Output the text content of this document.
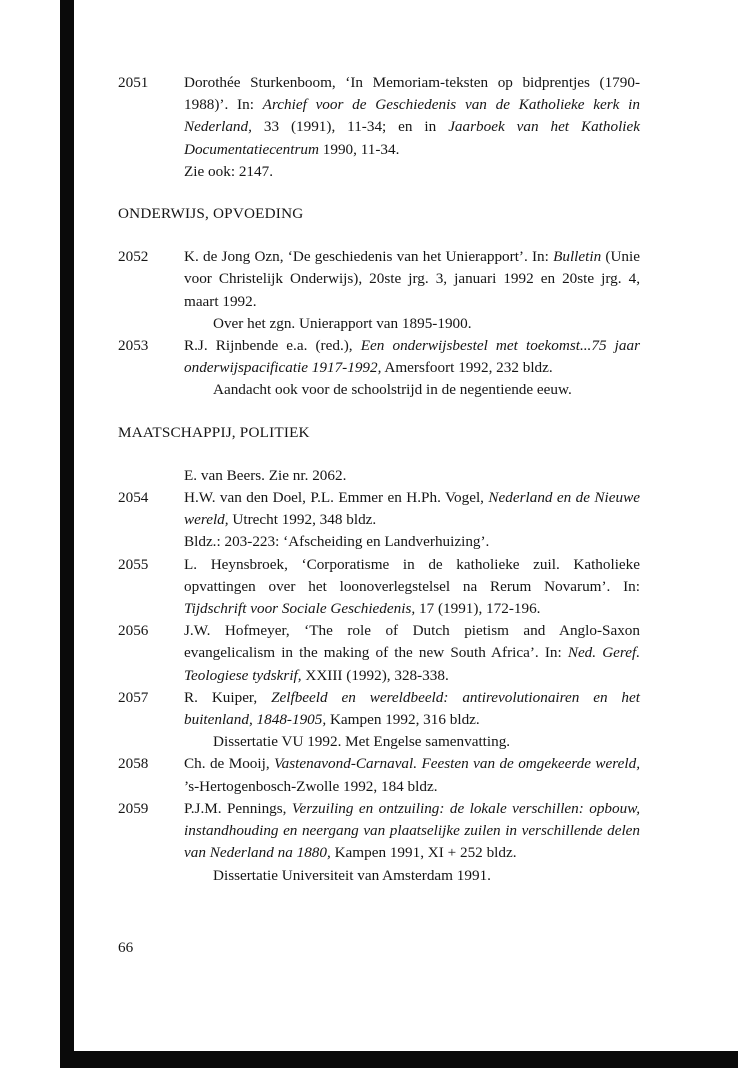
2051	Dorothée Sturkenboom, ‘In Memoriam-teksten op bidprentjes (1790-1988)’. In: Archief voor de Geschiedenis van de Katholieke kerk in Nederland, 33 (1991), 11-34; en in Jaarboek van het Katholiek Documentatiecentrum 1990, 11-34.
Zie ook: 2147.
ONDERWIJS, OPVOEDING
2052	K. de Jong Ozn, ‘De geschiedenis van het Unierapport’. In: Bulletin (Unie voor Christelijk Onderwijs), 20ste jrg. 3, januari 1992 en 20ste jrg. 4, maart 1992.
Over het zgn. Unierapport van 1895-1900.
2053	R.J. Rijnbende e.a. (red.), Een onderwijsbestel met toekomst...75 jaar onderwijspacificatie 1917-1992, Amersfoort 1992, 232 bldz.
Aandacht ook voor de schoolstrijd in de negentiende eeuw.
MAATSCHAPPIJ, POLITIEK
E. van Beers. Zie nr. 2062.
2054	H.W. van den Doel, P.L. Emmer en H.Ph. Vogel, Nederland en de Nieuwe wereld, Utrecht 1992, 348 bldz.
Bldz.: 203-223: ‘Afscheiding en Landverhuizing’.
2055	L. Heynsbroek, ‘Corporatisme in de katholieke zuil. Katholieke opvattingen over het loonoverlegstelsel na Rerum Novarum’. In: Tijdschrift voor Sociale Geschiedenis, 17 (1991), 172-196.
2056	J.W. Hofmeyer, ‘The role of Dutch pietism and Anglo-Saxon evangelicalism in the making of the new South Africa’. In: Ned. Geref. Teologiese tydskrif, XXIII (1992), 328-338.
2057	R. Kuiper, Zelfbeeld en wereldbeeld: antirevolutionairen en het buitenland, 1848-1905, Kampen 1992, 316 bldz.
Dissertatie VU 1992. Met Engelse samenvatting.
2058	Ch. de Mooij, Vastenavond-Carnaval. Feesten van de omgekeerde wereld, ’s-Hertogenbosch-Zwolle 1992, 184 bldz.
2059	P.J.M. Pennings, Verzuiling en ontzuiling: de lokale verschillen: opbouw, instandhouding en neergang van plaatselijke zuilen in verschillende delen van Nederland na 1880, Kampen 1991, XI + 252 bldz.
Dissertatie Universiteit van Amsterdam 1991.
66
